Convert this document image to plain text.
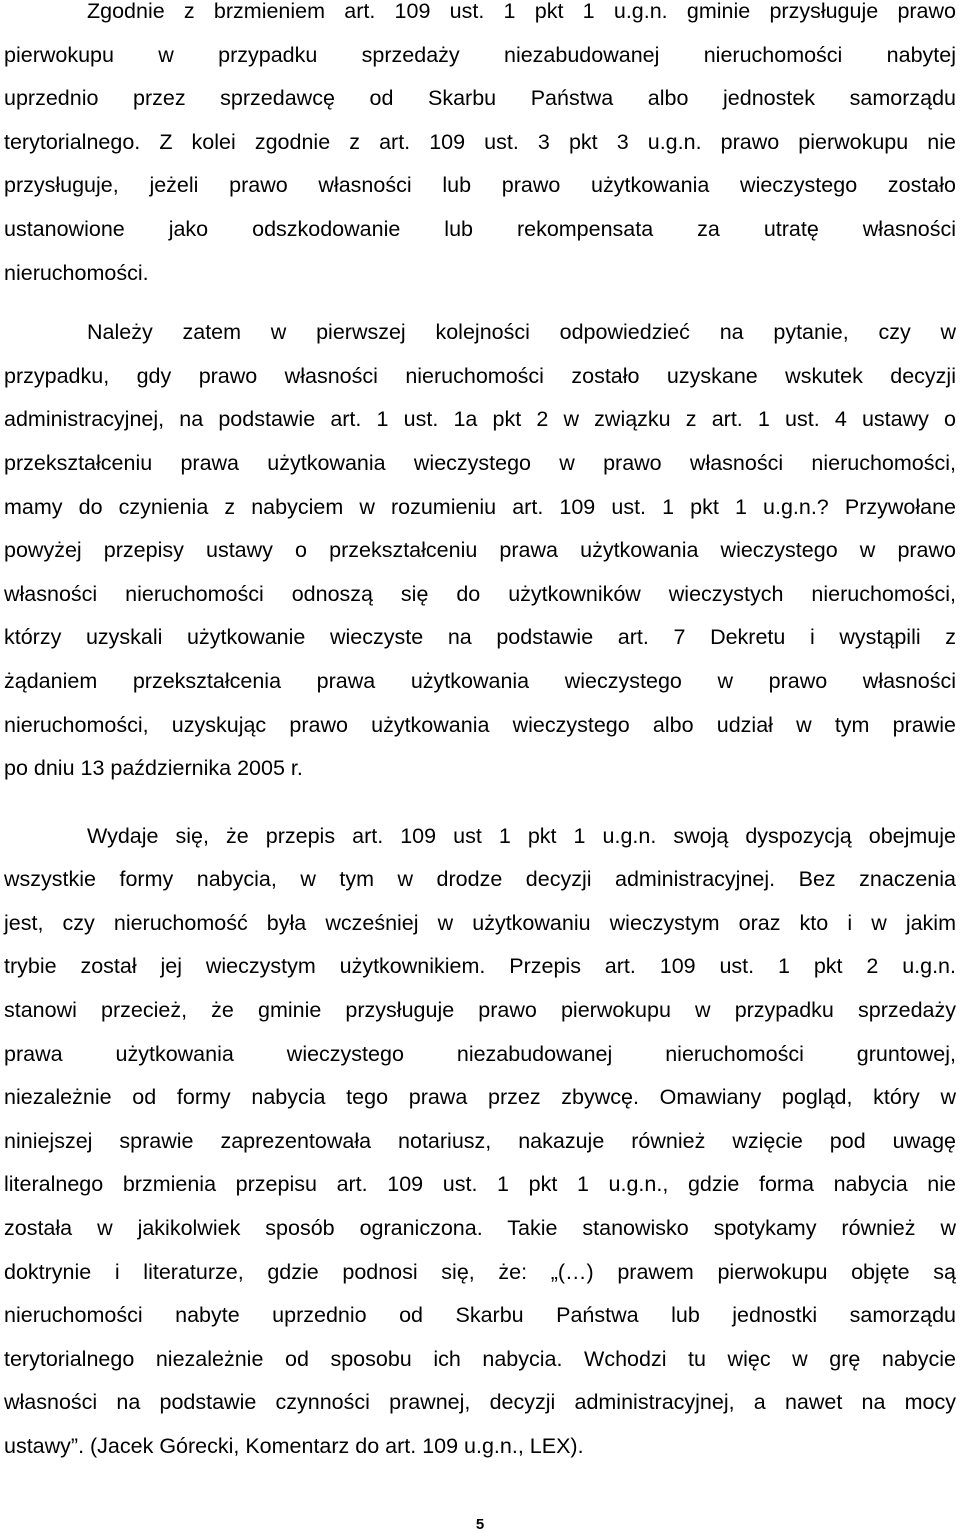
Zgodnie z brzmieniem art. 109 ust. 1 pkt 1 u.g.n. gminie przysługuje prawo
pierwokupu w przypadku sprzedaży niezabudowanej nieruchomości nabytej
uprzednio przez sprzedawcę od Skarbu Państwa albo jednostek samorządu
terytorialnego. Z kolei zgodnie z art. 109 ust. 3 pkt 3 u.g.n. prawo pierwokupu nie
przysługuje, jeżeli prawo własności lub prawo użytkowania wieczystego zostało
ustanowione jako odszkodowanie lub rekompensata za utratę własności
nieruchomości.
Należy zatem w pierwszej kolejności odpowiedzieć na pytanie, czy w
przypadku, gdy prawo własności nieruchomości zostało uzyskane wskutek decyzji
administracyjnej, na podstawie art. 1 ust. 1a pkt 2 w związku z art. 1 ust. 4 ustawy o
przekształceniu prawa użytkowania wieczystego w prawo własności nieruchomości,
mamy do czynienia z nabyciem w rozumieniu art. 109 ust. 1 pkt 1 u.g.n.? Przywołane
powyżej przepisy ustawy o przekształceniu prawa użytkowania wieczystego w prawo
własności nieruchomości odnoszą się do użytkowników wieczystych nieruchomości,
którzy uzyskali użytkowanie wieczyste na podstawie art. 7 Dekretu i wystąpili z
żądaniem przekształcenia prawa użytkowania wieczystego w prawo własności
nieruchomości, uzyskując prawo użytkowania wieczystego albo udział w tym prawie
po dniu 13 października 2005 r.
Wydaje się, że przepis art. 109 ust 1 pkt 1 u.g.n. swoją dyspozycją obejmuje
wszystkie formy nabycia, w tym w drodze decyzji administracyjnej. Bez znaczenia
jest, czy nieruchomość była wcześniej w użytkowaniu wieczystym oraz kto i w jakim
trybie został jej wieczystym użytkownikiem. Przepis art. 109 ust. 1 pkt 2 u.g.n.
stanowi przecież, że gminie przysługuje prawo pierwokupu w przypadku sprzedaży
prawa użytkowania wieczystego niezabudowanej nieruchomości gruntowej,
niezależnie od formy nabycia tego prawa przez zbywcę. Omawiany pogląd, który w
niniejszej sprawie zaprezentowała notariusz, nakazuje również wzięcie pod uwagę
literalnego brzmienia przepisu art. 109 ust. 1 pkt 1 u.g.n., gdzie forma nabycia nie
została w jakikolwiek sposób ograniczona. Takie stanowisko spotykamy również w
doktrynie i literaturze, gdzie podnosi się, że: „(…) prawem pierwokupu objęte są
nieruchomości nabyte uprzednio od Skarbu Państwa lub jednostki samorządu
terytorialnego niezależnie od sposobu ich nabycia. Wchodzi tu więc w grę nabycie
własności na podstawie czynności prawnej, decyzji administracyjnej, a nawet na mocy
ustawy”. (Jacek Górecki, Komentarz do art. 109 u.g.n., LEX).
5
